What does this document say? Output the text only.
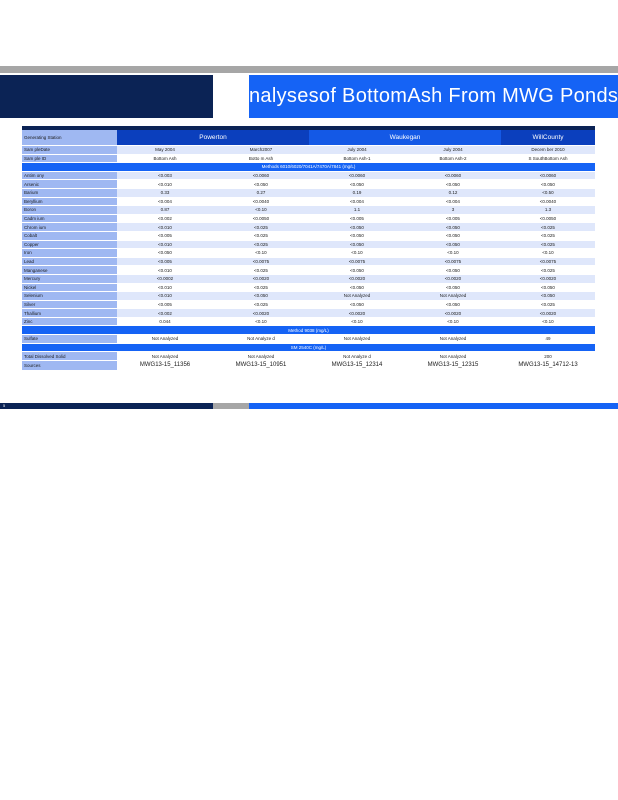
nalysesof BottomAsh From MWG Ponds

Generating Station	Powerton		Waukegan		WillCounty
Sam pleDate	May 2004	March2007	July 2004	July 2004	Decem ber 2010
Sam ple ID	Bottom Ash	Botto m Ash	Bottom Ash-1	Bottom Ash-2	S SouthBottom Ash
Methods 6010/6020/7041A/7470A/7841 (mg/L)					
Antim ony	<0.003	<0.0060	<0.0060	<0.0060	<0.0060
Arsenic	<0.010	<0.050	<0.050	<0.050	<0.050
Barium	0.33	0.27	0.19	0.12	<0.50
Beryllium	<0.004	<0.0040	<0.004	<0.004	<0.0040
Boron	0.87	<0.10	1.1	3	1.3
Cadm ium	<0.002	<0.0050	<0.005	<0.005	<0.0050
Chrom ium	<0.010	<0.025	<0.050	<0.050	<0.025
Cobalt	<0.005	<0.025	<0.050	<0.050	<0.025
Copper	<0.010	<0.025	<0.050	<0.050	<0.025
Iron	<0.050	<0.10	<0.10	<0.10	<0.10
Lead	<0.005	<0.0075	<0.0075	<0.0075	<0.0075
Manganese	<0.010	<0.025	<0.050	<0.050	<0.025
Mercury	<0.0002	<0.0020	<0.0020	<0.0020	<0.0020
Nickel	<0.010	<0.025	<0.050	<0.050	<0.050
Selenium	<0.010	<0.050	Not Analyzed	Not Analyzed	<0.050
Silver	<0.005	<0.025	<0.050	<0.050	<0.025
Thallium	<0.002	<0.0020	<0.0020	<0.0020	<0.0020
Zinc	0.044	<0.10	<0.10	<0.10	<0.10
Method 9038 (mg/L)					
Sulfate	Not Analyzed	Not Analyze d	Not Analyzed	Not Analyzed	49
SM 2540C (mg/L)					
Total Dissolved Solid	Not Analyzed	Not Analyzed	Not Analyze d	Not Analyzed	200
Sources	MWG13-15_11356	MWG13-15_10951	MWG13-15_12314	MWG13-15_12315	MWG13-15_14712-13
5
